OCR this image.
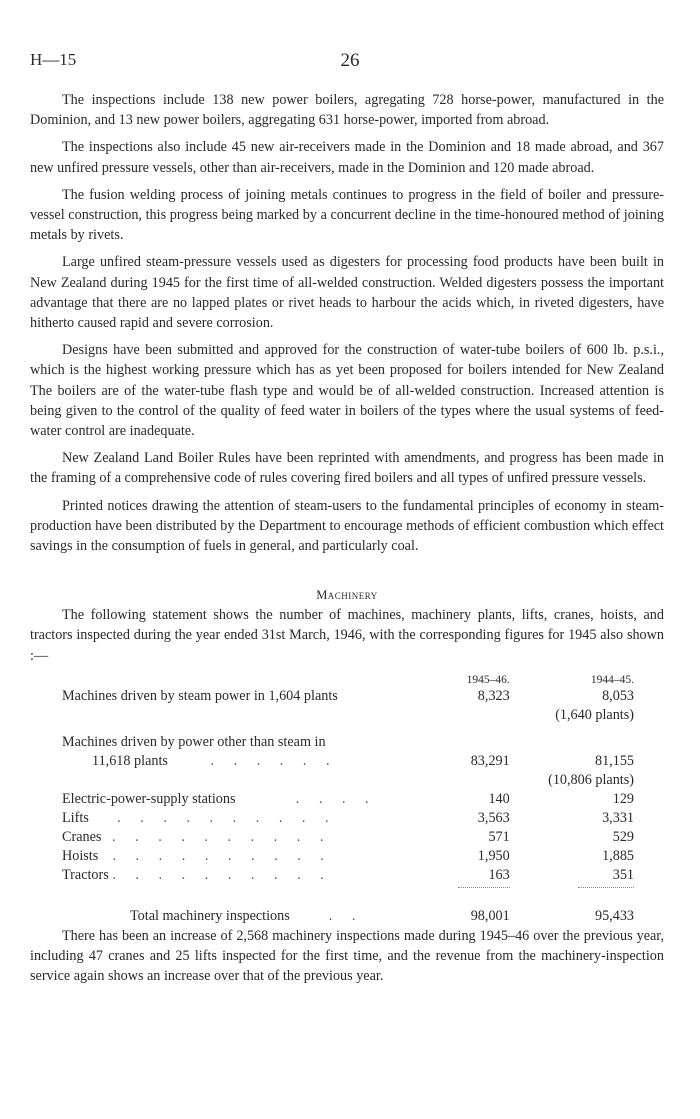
H—15	26

The inspections include 138 new power boilers, agregating 728 horse-power, manufactured in the Dominion, and 13 new power boilers, aggregating 631 horse-power, imported from abroad.

The inspections also include 45 new air-receivers made in the Dominion and 18 made abroad, and 367 new unfired pressure vessels, other than air-receivers, made in the Dominion and 120 made abroad.

The fusion welding process of joining metals continues to progress in the field of boiler and pressure-vessel construction, this progress being marked by a concurrent decline in the time-honoured method of joining metals by rivets.

Large unfired steam-pressure vessels used as digesters for processing food products have been built in New Zealand during 1945 for the first time of all-welded construction. Welded digesters possess the important advantage that there are no lapped plates or rivet heads to harbour the acids which, in riveted digesters, have hitherto caused rapid and severe corrosion.

Designs have been submitted and approved for the construction of water-tube boilers of 600 lb. p.s.i., which is the highest working pressure which has as yet been proposed for boilers intended for New Zealand The boilers are of the water-tube flash type and would be of all-welded construction. Increased attention is being given to the control of the quality of feed water in boilers of the types where the usual systems of feed-water control are inadequate.

New Zealand Land Boiler Rules have been reprinted with amendments, and progress has been made in the framing of a comprehensive code of rules covering fired boilers and all types of unfired pressure vessels.

Printed notices drawing the attention of steam-users to the fundamental principles of economy in steam-production have been distributed by the Department to encourage methods of efficient combustion which effect savings in the consumption of fuels in general, and particularly coal.

Machinery

The following statement shows the number of machines, machinery plants, lifts, cranes, hoists, and tractors inspected during the year ended 31st March, 1946, with the corresponding figures for 1945 also shown :—

	1945–46.	1944–45.
Machines driven by steam power in 1,604 plants	8,323	8,053
		(1,640 plants)

Machines driven by power other than steam in		
11,618 plants . . . . . .	83,291	81,155
		(10,806 plants)
Electric-power-supply stations . . . .	140	129
Lifts . . . . . . . . . .	3,563	3,331
Cranes . . . . . . . . . .	571	529
Hoists . . . . . . . . . .	1,950	1,885
Tractors . . . . . . . . . .	163	351

Total machinery inspections . .	98,001	95,433

There has been an increase of 2,568 machinery inspections made during 1945–46 over the previous year, including 47 cranes and 25 lifts inspected for the first time, and the revenue from the machinery-inspection service again shows an increase over that of the previous year.
